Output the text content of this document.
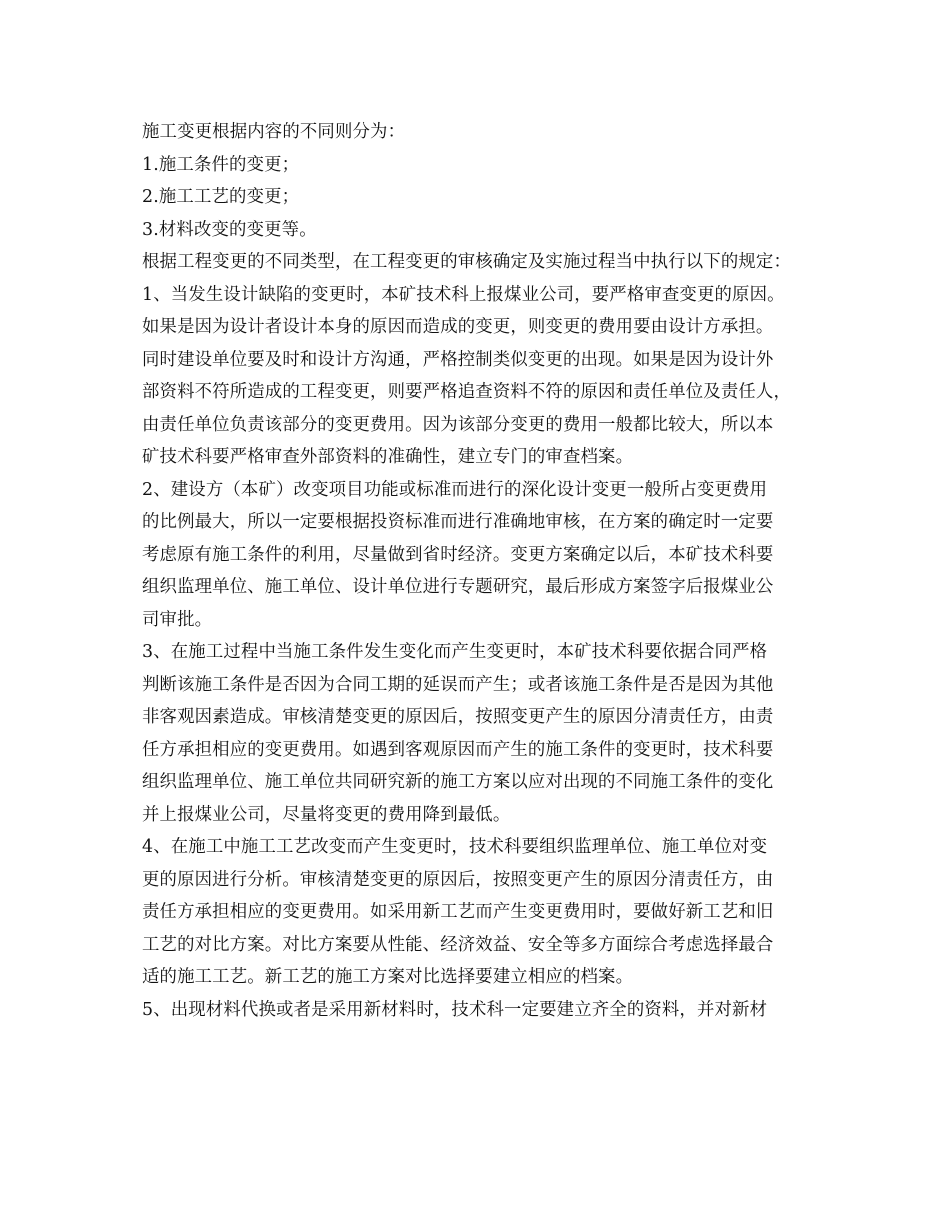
施工变更根据内容的不同则分为：
1.施工条件的变更；
2.施工工艺的变更；
3.材料改变的变更等。
根据工程变更的不同类型，在工程变更的审核确定及实施过程当中执行以下的规定：
1、当发生设计缺陷的变更时，本矿技术科上报煤业公司，要严格审查变更的原因。
如果是因为设计者设计本身的原因而造成的变更，则变更的费用要由设计方承担。
同时建设单位要及时和设计方沟通，严格控制类似变更的出现。如果是因为设计外
部资料不符所造成的工程变更，则要严格追查资料不符的原因和责任单位及责任人，
由责任单位负责该部分的变更费用。因为该部分变更的费用一般都比较大，所以本
矿技术科要严格审查外部资料的准确性，建立专门的审查档案。
2、建设方（本矿）改变项目功能或标准而进行的深化设计变更一般所占变更费用
的比例最大，所以一定要根据投资标准而进行准确地审核，在方案的确定时一定要
考虑原有施工条件的利用，尽量做到省时经济。变更方案确定以后，本矿技术科要
组织监理单位、施工单位、设计单位进行专题研究，最后形成方案签字后报煤业公
司审批。
3、在施工过程中当施工条件发生变化而产生变更时，本矿技术科要依据合同严格
判断该施工条件是否因为合同工期的延误而产生；或者该施工条件是否是因为其他
非客观因素造成。审核清楚变更的原因后，按照变更产生的原因分清责任方，由责
任方承担相应的变更费用。如遇到客观原因而产生的施工条件的变更时，技术科要
组织监理单位、施工单位共同研究新的施工方案以应对出现的不同施工条件的变化
并上报煤业公司，尽量将变更的费用降到最低。
4、在施工中施工工艺改变而产生变更时，技术科要组织监理单位、施工单位对变
更的原因进行分析。审核清楚变更的原因后，按照变更产生的原因分清责任方，由
责任方承担相应的变更费用。如采用新工艺而产生变更费用时，要做好新工艺和旧
工艺的对比方案。对比方案要从性能、经济效益、安全等多方面综合考虑选择最合
适的施工工艺。新工艺的施工方案对比选择要建立相应的档案。
5、出现材料代换或者是采用新材料时，技术科一定要建立齐全的资料，并对新材
